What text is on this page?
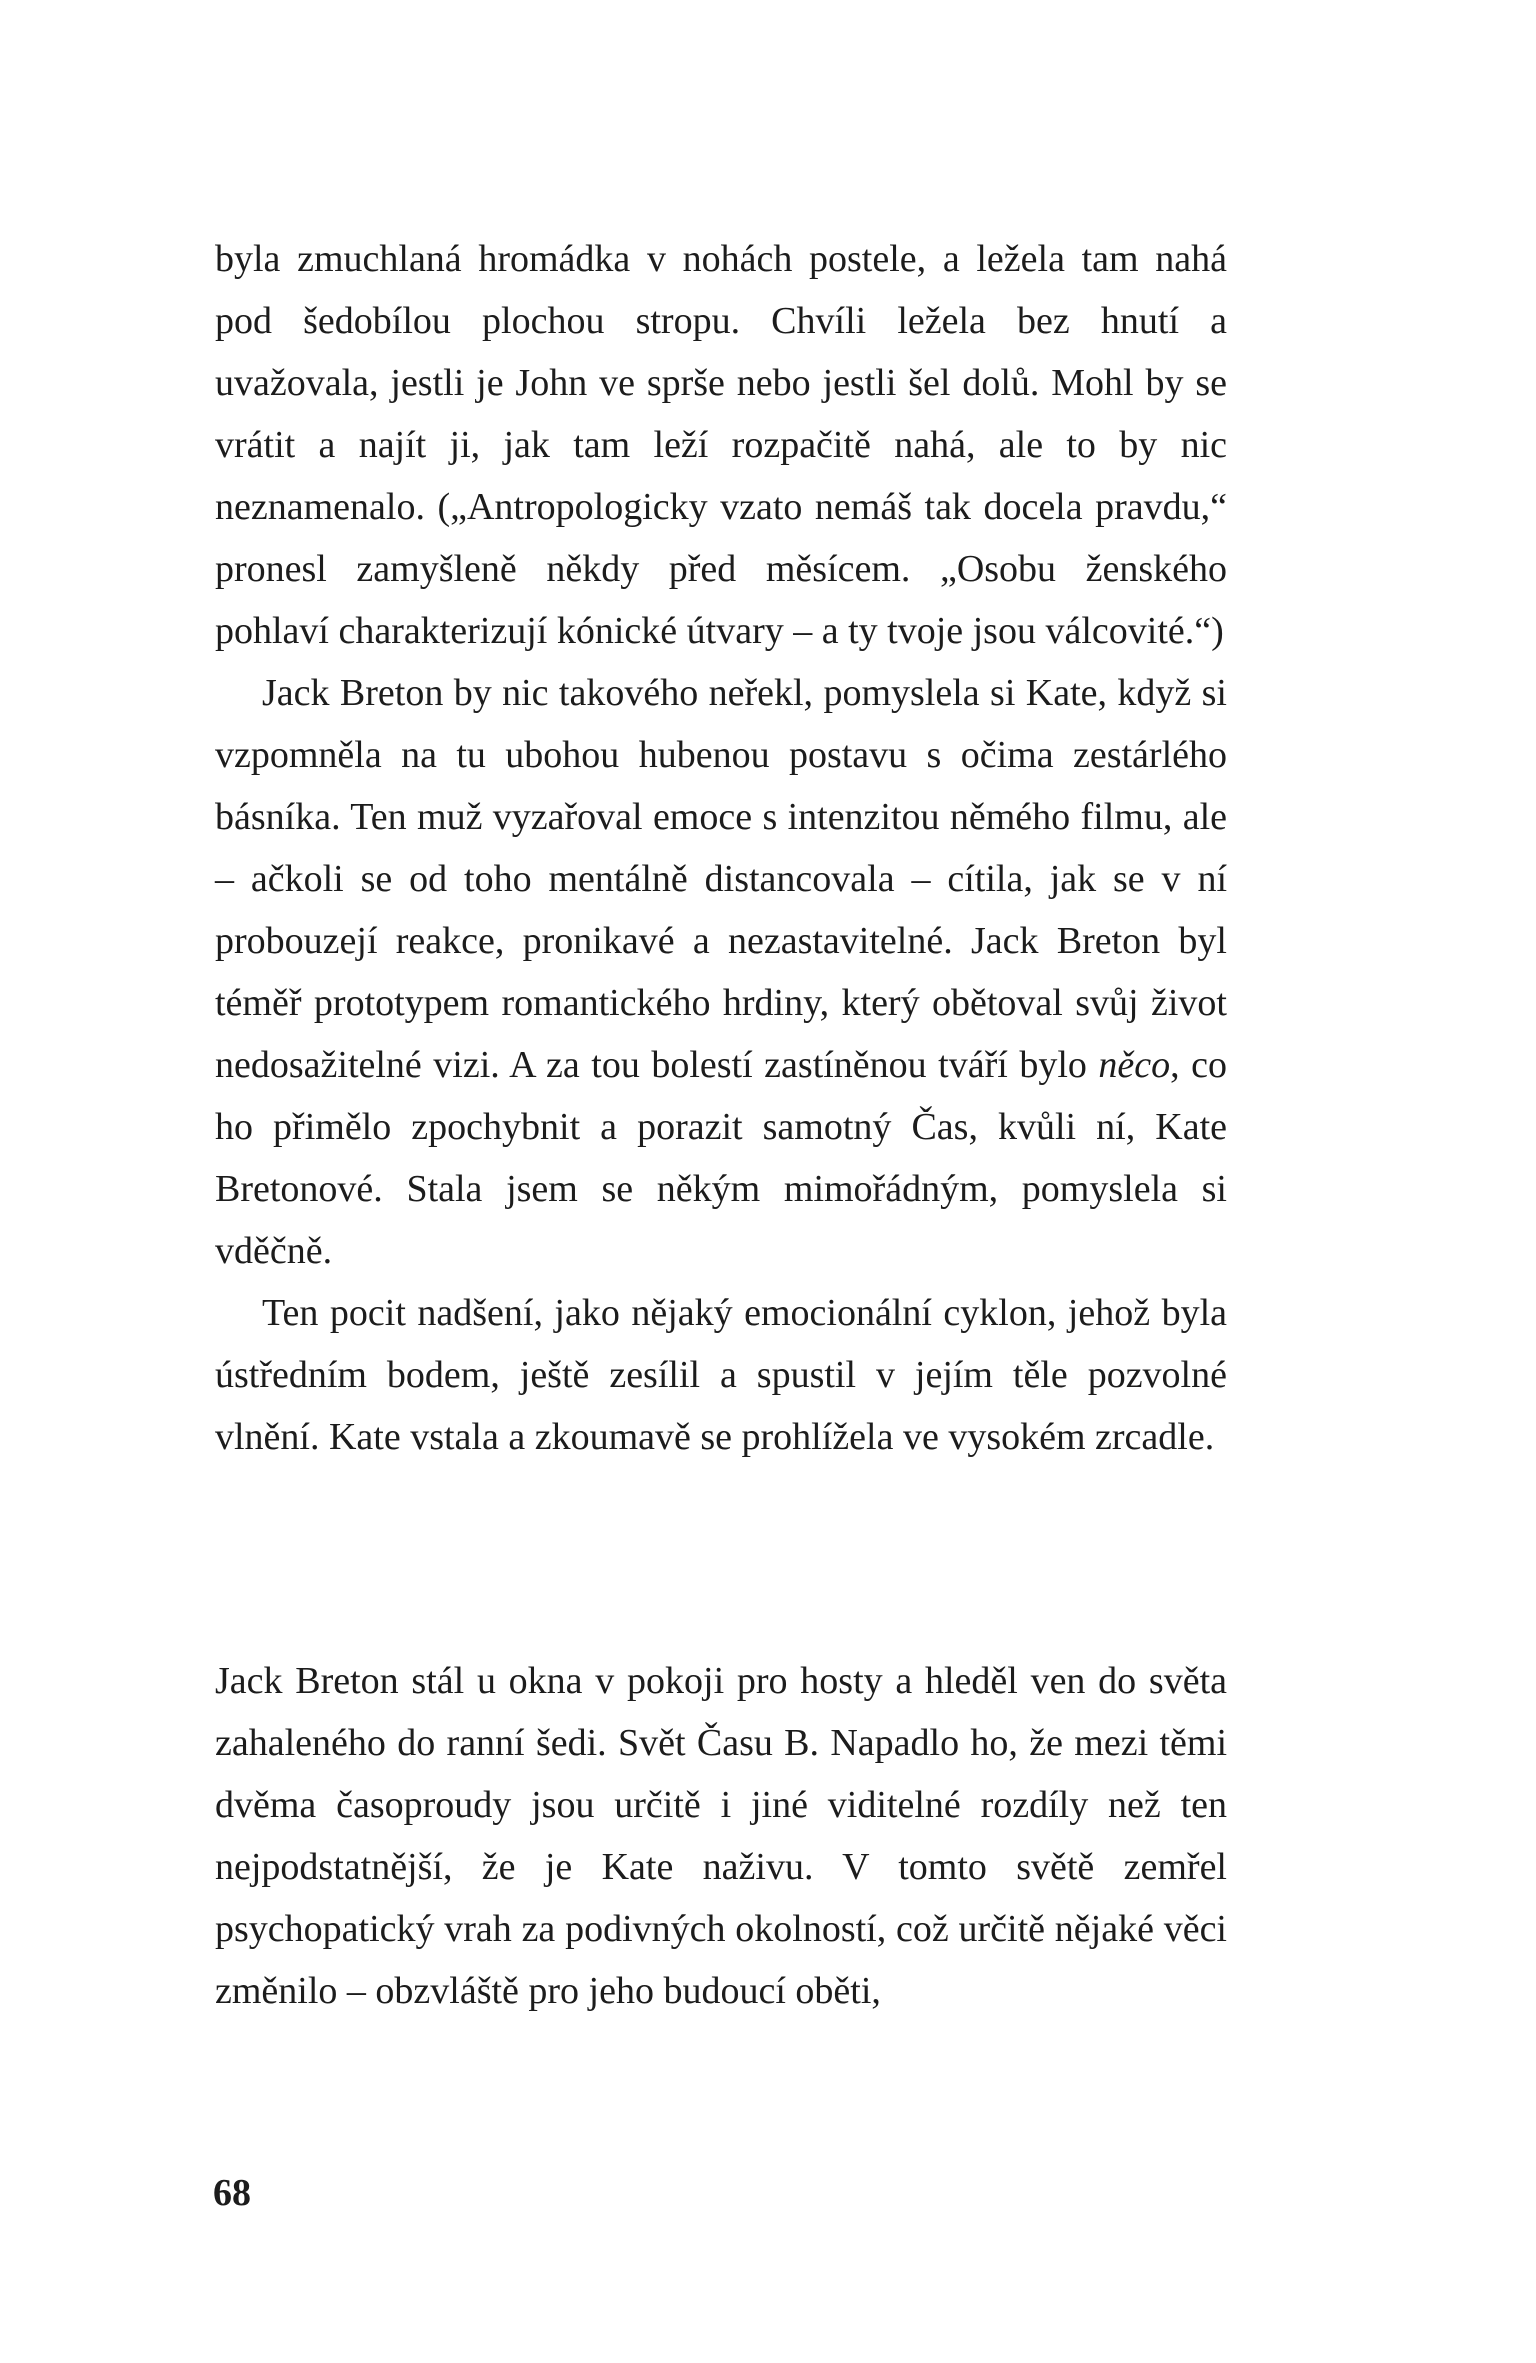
byla zmuchlaná hromádka v nohách postele, a ležela tam nahá pod šedobílou plochou stropu. Chvíli ležela bez hnutí a uvažovala, jestli je John ve sprše nebo jestli šel dolů. Mohl by se vrátit a najít ji, jak tam leží rozpačitě nahá, ale to by nic neznamenalo. („Antropologicky vzato nemáš tak docela pravdu,“ pronesl zamyšleně někdy před měsícem. „Osobu ženského pohlaví charakterizují kónické útvary – a ty tvoje jsou válcovité.“)

Jack Breton by nic takového neřekl, pomyslela si Kate, když si vzpomněla na tu ubohou hubenou postavu s očima zestárlého básníka. Ten muž vyzařoval emoce s intenzitou němého filmu, ale – ačkoli se od toho mentálně distancovala – cítila, jak se v ní probouzejí reakce, pronikavé a nezastavitelné. Jack Breton byl téměř prototypem romantického hrdiny, který obětoval svůj život nedosažitelné vizi. A za tou bolestí zastíněnou tváří bylo něco, co ho přimělo zpochybnit a porazit samotný Čas, kvůli ní, Kate Bretonové. Stala jsem se někým mimořádným, pomyslela si vděčně.

Ten pocit nadšení, jako nějaký emocionální cyklon, jehož byla ústředním bodem, ještě zesílil a spustil v jejím těle pozvolné vlnění. Kate vstala a zkoumavě se prohlížela ve vysokém zrcadle.

Jack Breton stál u okna v pokoji pro hosty a hleděl ven do světa zahaleného do ranní šedi. Svět Času B. Napadlo ho, že mezi těmi dvěma časoproudy jsou určitě i jiné viditelné rozdíly než ten nejpodstatnější, že je Kate naživu. V tomto světě zemřel psychopatický vrah za podivných okolností, což určitě nějaké věci změnilo – obzvláště pro jeho budoucí oběti,

68
